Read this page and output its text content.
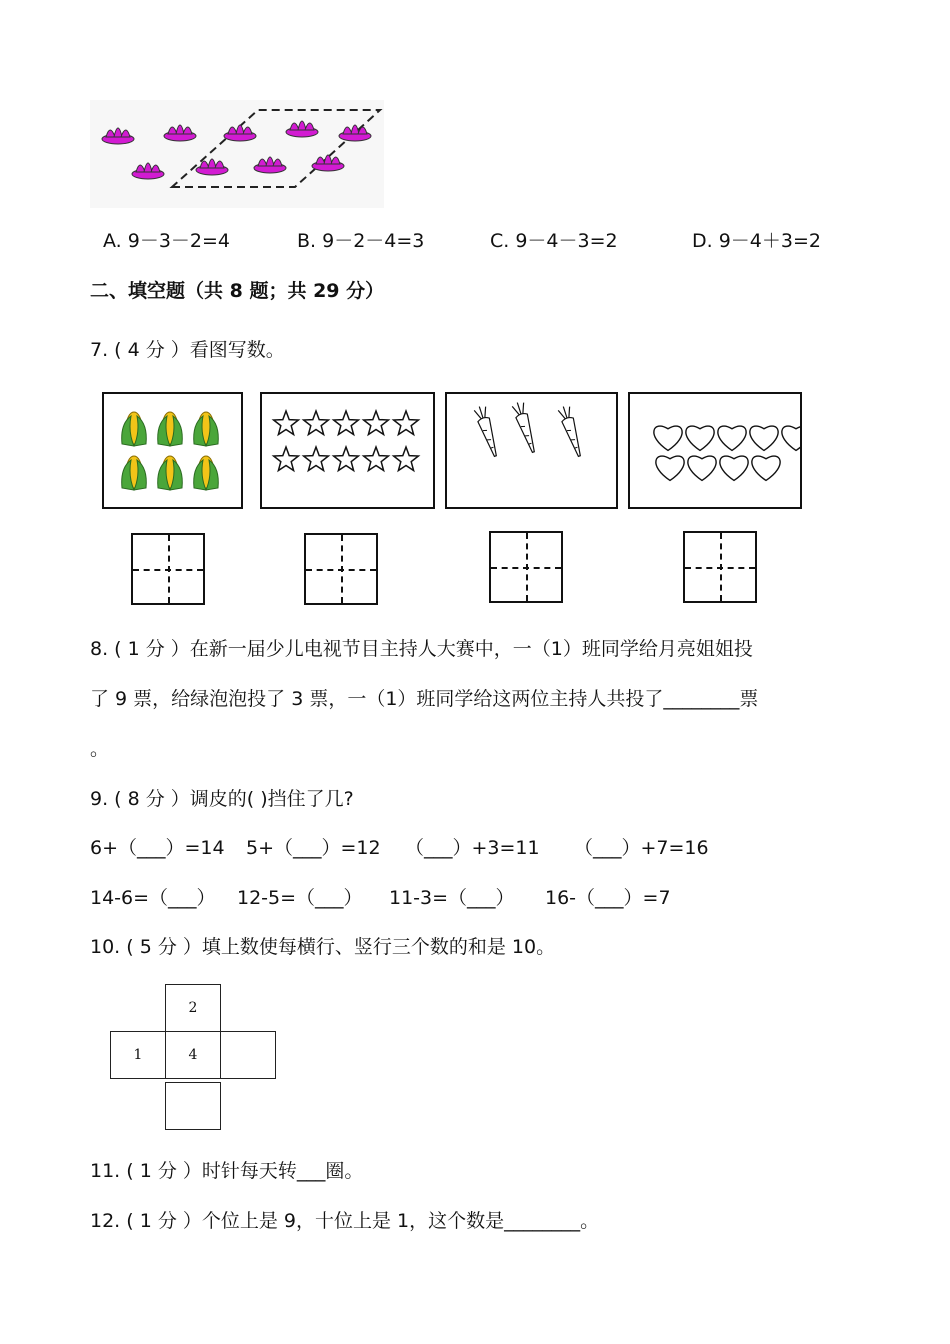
A. 9－3－2=4	B. 9－2－4=3	C. 9－4－3=2	D. 9－4＋3=2
二、填空题（共 8 题；共 29 分）
7. ( 4 分 ）看图写数。
8. ( 1 分 ）在新一届少儿电视节目主持人大赛中，一（1）班同学给月亮姐姐投
了 9 票，给绿泡泡投了 3 票，一（1）班同学给这两位主持人共投了________票
。
9. ( 8 分 ）调皮的( )挡住了几?
6+（___）=14 5+（___）=12 （___）+3=11 （___）+7=16
14-6=（___） 12-5=（___） 11-3=（___） 16-（___）=7
10. ( 5 分 ）填上数使每横行、竖行三个数的和是 10。
2
1	4
11. ( 1 分 ）时针每天转___圈。
12. ( 1 分 ）个位上是 9，十位上是 1，这个数是________。
